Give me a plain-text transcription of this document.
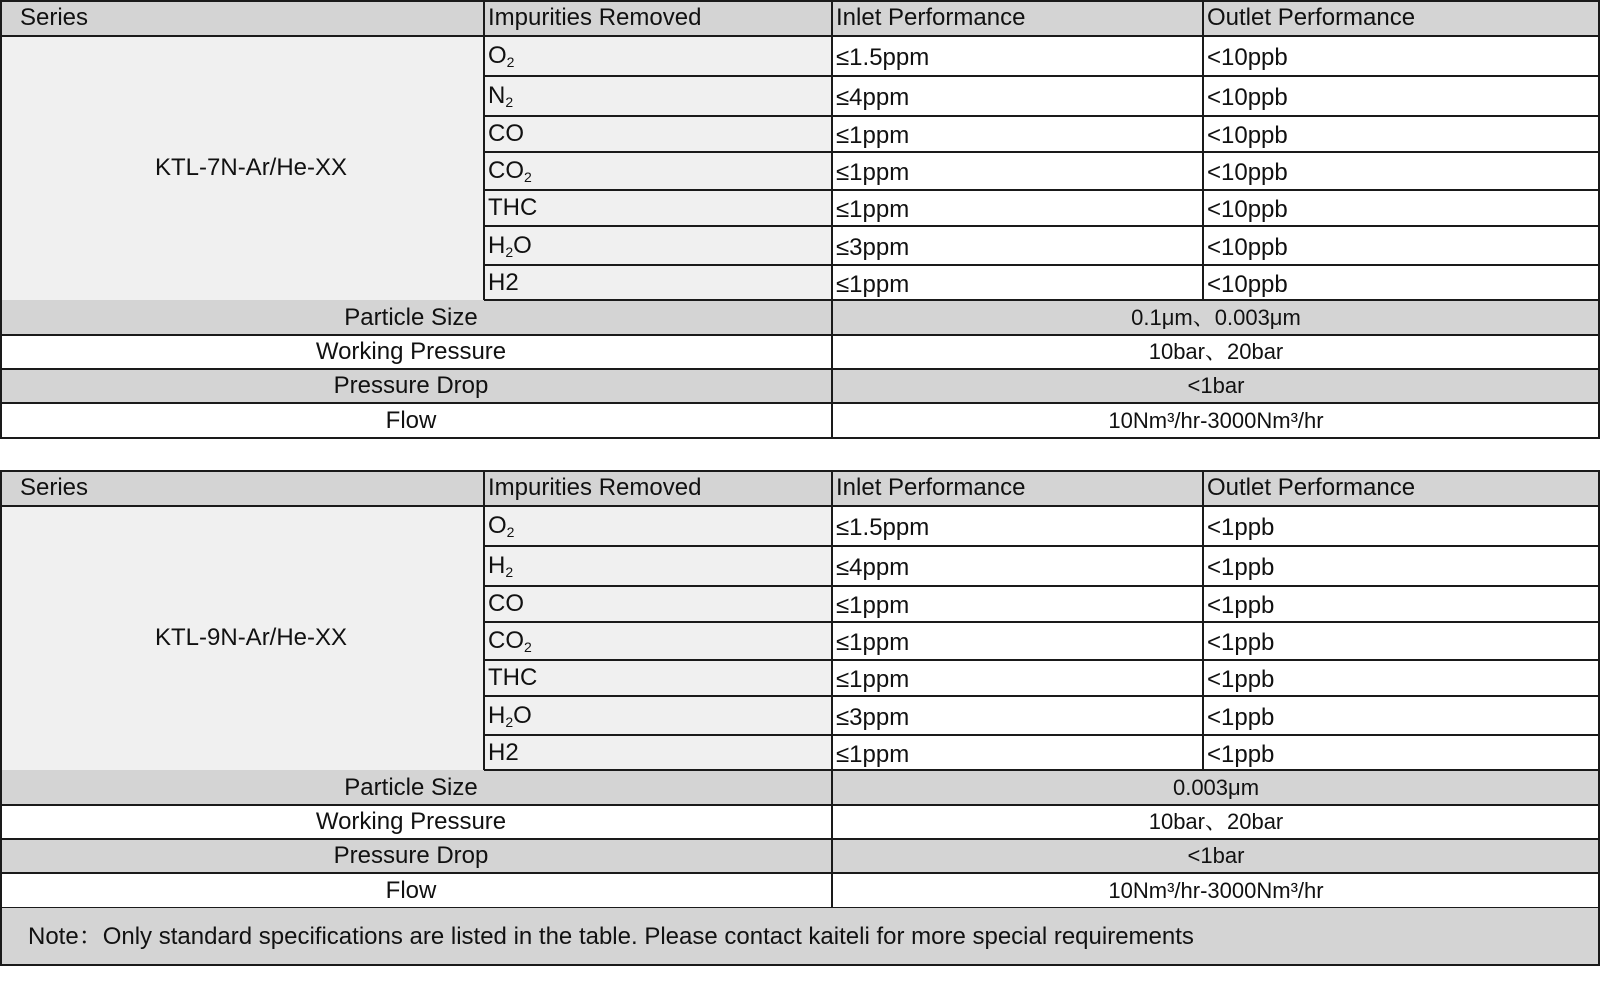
Series	Impurities Removed	Inlet Performance	Outlet Performance
KTL-7N-Ar/He-XX
$O_2$	≤1.5ppm	<10ppb
$N_2$	≤4ppm	<10ppb
CO	≤1ppm	<10ppb
$CO_2$	≤1ppm	<10ppb
THC	≤1ppm	<10ppb
$H_2O$	≤3ppm	<10ppb
H2	≤1ppm	<10ppb
Particle Size	0.1μm、0.003μm
Working Pressure	10bar、20bar
Pressure Drop	<1bar
Flow	10Nm³/hr-3000Nm³/hr
Series	Impurities Removed	Inlet Performance	Outlet Performance
KTL-9N-Ar/He-XX
$O_2$	≤1.5ppm	<1ppb
$H_2$	≤4ppm	<1ppb
CO	≤1ppm	<1ppb
$CO_2$	≤1ppm	<1ppb
THC	≤1ppm	<1ppb
$H_2O$	≤3ppm	<1ppb
H2	≤1ppm	<1ppb
Particle Size	0.003μm
Working Pressure	10bar、20bar
Pressure Drop	<1bar
Flow	10Nm³/hr-3000Nm³/hr
Note：Only standard specifications are listed in the table. Please contact kaiteli for more special requirements
